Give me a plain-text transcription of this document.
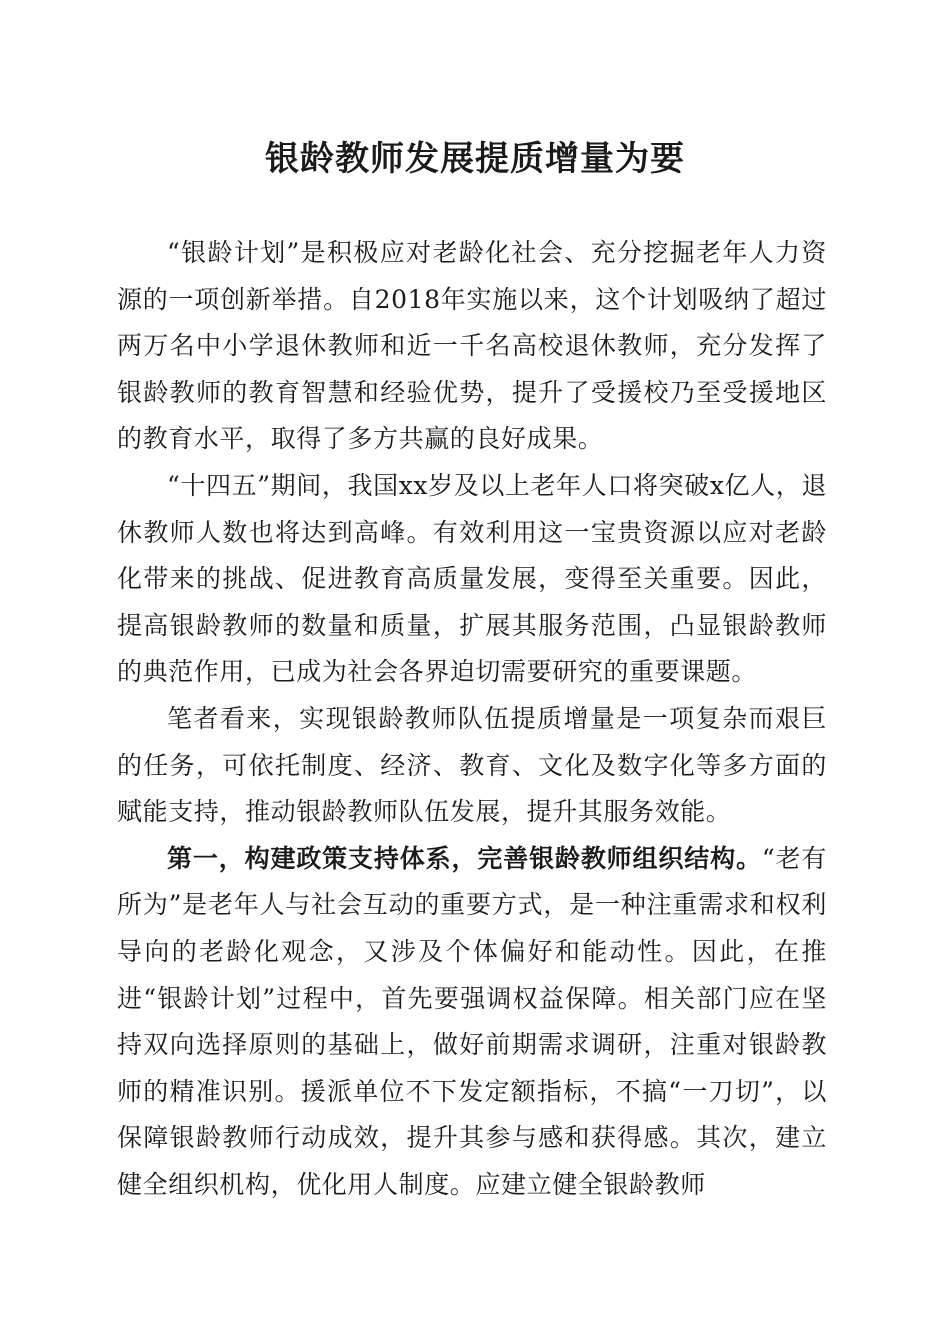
银龄教师发展提质增量为要

“银龄计划”是积极应对老龄化社会、充分挖掘老年人力资源的一项创新举措。自2018年实施以来，这个计划吸纳了超过两万名中小学退休教师和近一千名高校退休教师，充分发挥了银龄教师的教育智慧和经验优势，提升了受援校乃至受援地区的教育水平，取得了多方共赢的良好成果。

“十四五”期间，我国xx岁及以上老年人口将突破x亿人，退休教师人数也将达到高峰。有效利用这一宝贵资源以应对老龄化带来的挑战、促进教育高质量发展，变得至关重要。因此，提高银龄教师的数量和质量，扩展其服务范围，凸显银龄教师的典范作用，已成为社会各界迫切需要研究的重要课题。

笔者看来，实现银龄教师队伍提质增量是一项复杂而艰巨的任务，可依托制度、经济、教育、文化及数字化等多方面的赋能支持，推动银龄教师队伍发展，提升其服务效能。

第一，构建政策支持体系，完善银龄教师组织结构。“老有所为”是老年人与社会互动的重要方式，是一种注重需求和权利导向的老龄化观念，又涉及个体偏好和能动性。因此，在推进“银龄计划”过程中，首先要强调权益保障。相关部门应在坚持双向选择原则的基础上，做好前期需求调研，注重对银龄教师的精准识别。援派单位不下发定额指标，不搞“一刀切”，以保障银龄教师行动成效，提升其参与感和获得感。其次，建立健全组织机构，优化用人制度。应建立健全银龄教师
